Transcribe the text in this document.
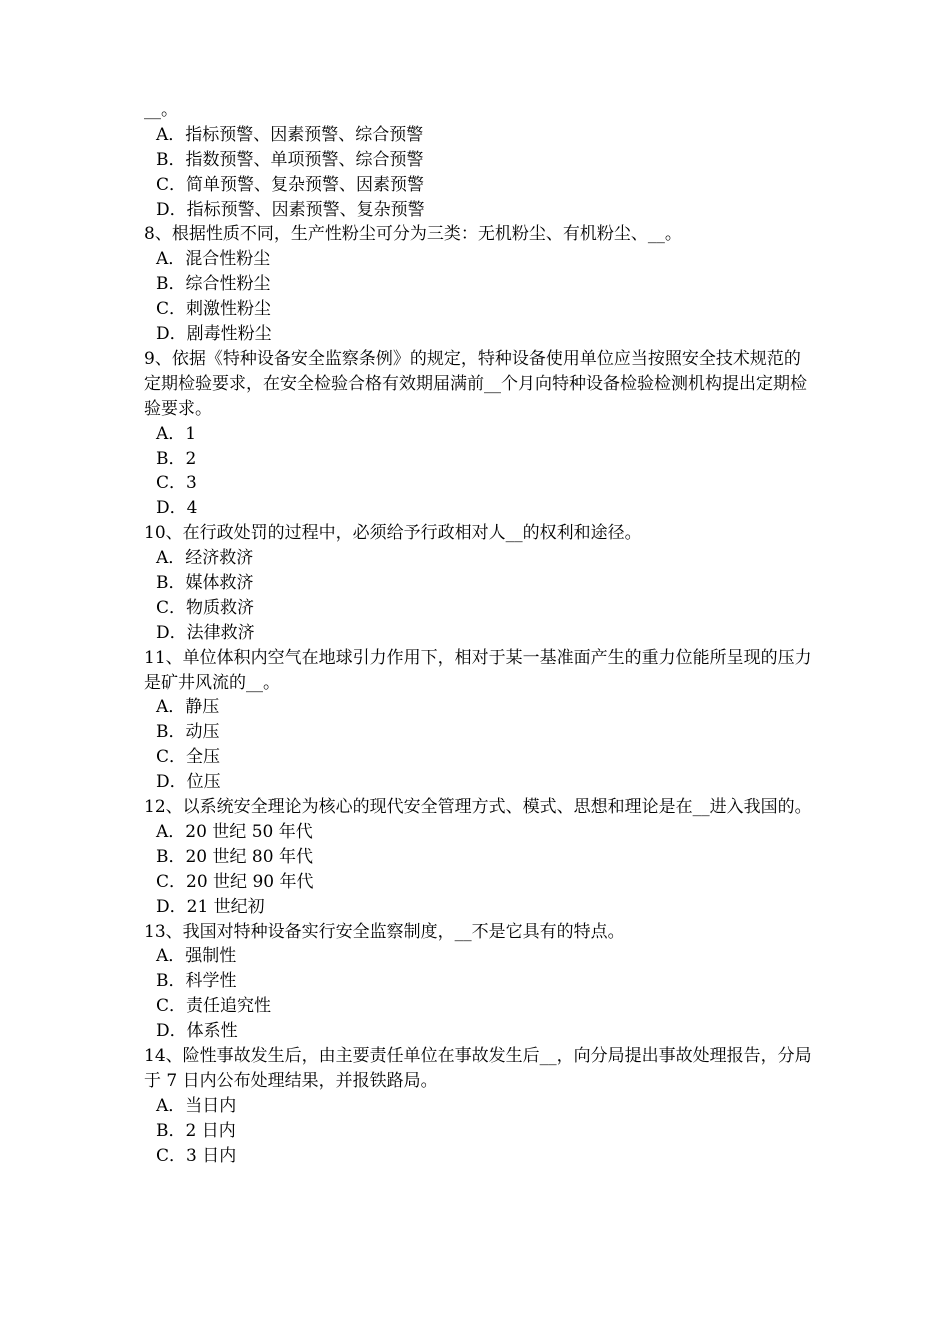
__。
A．指标预警、因素预警、综合预警
B．指数预警、单项预警、综合预警
C．简单预警、复杂预警、因素预警
D．指标预警、因素预警、复杂预警
8、根据性质不同，生产性粉尘可分为三类：无机粉尘、有机粉尘、__。
A．混合性粉尘
B．综合性粉尘
C．刺激性粉尘
D．剧毒性粉尘
9、依据《特种设备安全监察条例》的规定，特种设备使用单位应当按照安全技术规范的定期检验要求，在安全检验合格有效期届满前__个月向特种设备检验检测机构提出定期检验要求。
A．1
B．2
C．3
D．4
10、在行政处罚的过程中，必须给予行政相对人__的权利和途径。
A．经济救济
B．媒体救济
C．物质救济
D．法律救济
11、单位体积内空气在地球引力作用下，相对于某一基准面产生的重力位能所呈现的压力是矿井风流的__。
A．静压
B．动压
C．全压
D．位压
12、以系统安全理论为核心的现代安全管理方式、模式、思想和理论是在__进入我国的。
A．20 世纪 50 年代
B．20 世纪 80 年代
C．20 世纪 90 年代
D．21 世纪初
13、我国对特种设备实行安全监察制度，__不是它具有的特点。
A．强制性
B．科学性
C．责任追究性
D．体系性
14、险性事故发生后，由主要责任单位在事故发生后__，向分局提出事故处理报告，分局于 7 日内公布处理结果，并报铁路局。
A．当日内
B．2 日内
C．3 日内
